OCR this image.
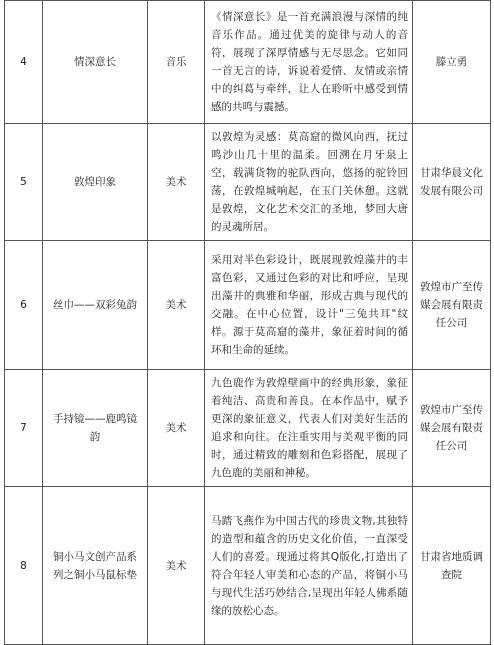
4	情深意长	音乐	《情深意长》是一首充满浪漫与深情的纯音乐作品。通过优美的旋律与动人的音符，展现了深厚情感与无尽思念。它如同一首无言的诗，诉说着爱情、友情或亲情中的纠葛与牵绊，让人在聆听中感受到情感的共鸣与震撼。	滕立勇
5	敦煌印象	美术	以敦煌为灵感：莫高窟的微风向西，抚过鸣沙山几十里的温柔。回溯在月牙泉上空，载满货物的驼队西向，悠扬的驼铃回荡，在敦煌城响起，在玉门关休憩。这就是敦煌，文化艺术交汇的圣地，梦回大唐的灵魂所居。	甘肃华晨文化发展有限公司
6	丝巾——双彩兔韵	美术	采用对半色彩设计，既展现敦煌藻井的丰富色彩，又通过色彩的对比和呼应，呈现出藻井的典雅和华丽，形成古典与现代的交融。在中心位置，设计"三兔共耳"纹样。源于莫高窟的藻井，象征着时间的循环和生命的延续。	敦煌市广至传媒会展有限责任公司
7	手持镜——鹿鸣镜韵	美术	九色鹿作为敦煌壁画中的经典形象，象征着纯洁、高贵和善良。在本作品中，赋予更深的象征意义，代表人们对美好生活的追求和向往。在注重实用与美观平衡的同时，通过精致的雕刻和色彩搭配，展现了九色鹿的美丽和神秘。	敦煌市广至传媒会展有限责任公司
8	铜小马文创产品系列之铜小马鼠标垫	美术	马踏飞燕作为中国古代的珍贵文物,其独特的造型和蕴含的历史文化价值，一直深受人们的喜爱。现通过将其Q版化,打造出了符合年轻人审美和心态的产品，将铜小马与现代生活巧妙结合,呈现出年轻人佛系随缘的放松心态。	甘肃省地质调查院
